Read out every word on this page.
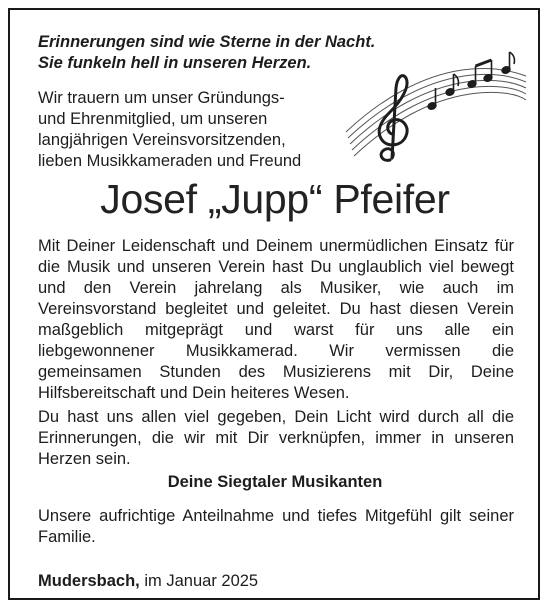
Erinnerungen sind wie Sterne in der Nacht.
Sie funkeln hell in unseren Herzen.
Wir trauern um unser Gründungs-
und Ehrenmitglied, um unseren
langjährigen Vereinsvorsitzenden,
lieben Musikkameraden und Freund
Josef „Jupp“ Pfeifer

Mit Deiner Leidenschaft und Deinem unermüdlichen Einsatz für die Musik und unseren Verein hast Du unglaublich viel bewegt und den Verein jahrelang als Musiker, wie auch im Vereinsvorstand begleitet und geleitet. Du hast diesen Verein maßgeblich mitgeprägt und warst für uns alle ein liebgewonnener Musikkamerad. Wir vermissen die gemeinsamen Stunden des Musizierens mit Dir, Deine Hilfsbereitschaft und Dein heiteres Wesen.

Du hast uns allen viel gegeben, Dein Licht wird durch all die Erinnerungen, die wir mit Dir verknüpfen, immer in unseren Herzen sein.

Deine Siegtaler Musikanten

Unsere aufrichtige Anteilnahme und tiefes Mitgefühl gilt seiner Familie.

Mudersbach, im Januar 2025
